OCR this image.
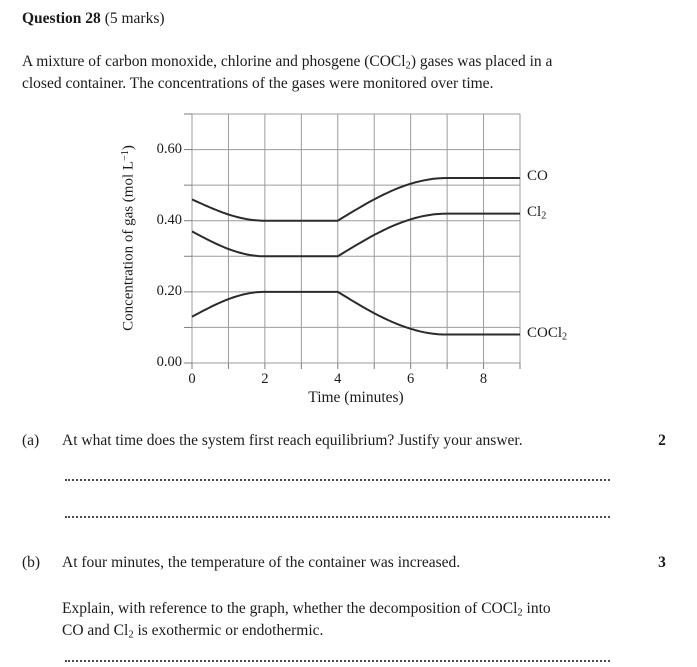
Question 28 (5 marks)
A mixture of carbon monoxide, chlorine and phosgene (COCl$_2$) gases was placed in a
closed container. The concentrations of the gases were monitored over time.
Concentration of gas (mol $L^{-1}$)
Time (minutes)
0.00
0.20
0.40
0.60
0	2	4	6	8
CO
$Cl_2$
COCl$_2$
(a) At what time does the system first reach equilibrium? Justify your answer.	2
(b) At four minutes, the temperature of the container was increased.	3
Explain, with reference to the graph, whether the decomposition of COCl$_2$ into
CO and $Cl_2$ is exothermic or endothermic.
